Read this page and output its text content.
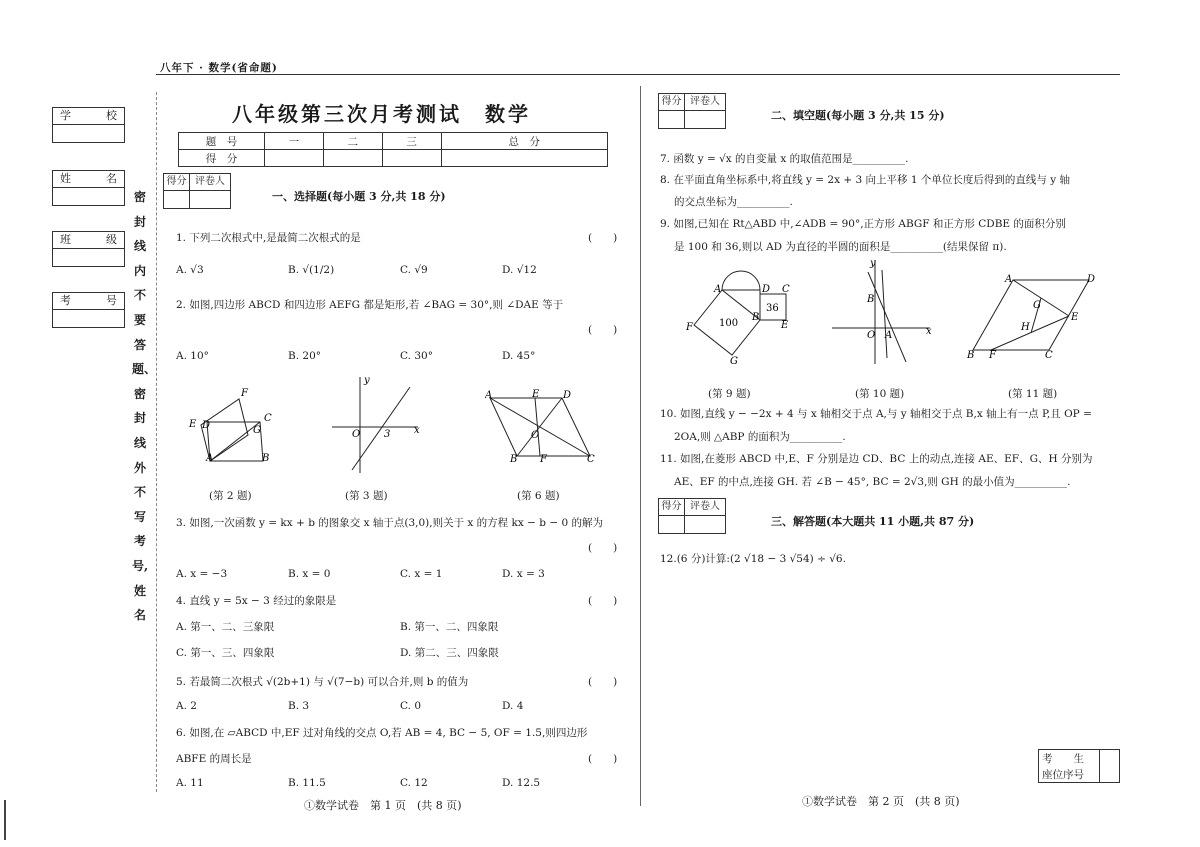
八年下 · 数学(省命题)
学	校
姓	名
班	级
考	号
密封线内不要答题、密封线外不写考号,姓名
八年级第三次月考测试　数学
题　号	一	二	三	总　分
得　分				
得分 评卷人
一、选择题(每小题 3 分,共 18 分)
1. 下列二次根式中,是最简二次根式的是	(　　)
A. √3	B. √(1/2)	C. √9	D. √12
2. 如图,四边形 ABCD 和四边形 AEFG 都是矩形,若 ∠BAG = 30°,则 ∠DAE 等于
(　　)
A. 10°	B. 20°	C. 30°	D. 45°
E D
F
C
G
A	B
y
x
O 3
A	E D
O
B F	C
(第 2 题)	(第 3 题)	(第 6 题)
3. 如图,一次函数 y = kx + b 的图象交 x 轴于点(3,0),则关于 x 的方程 kx − b − 0 的解为
(　　)
A. x = −3	B. x = 0	C. x = 1	D. x = 3
4. 直线 y = 5x − 3 经过的象限是	(　　)
A. 第一、二、三象限	B. 第一、二、四象限
C. 第一、三、四象限	D. 第二、三、四象限
5. 若最简二次根式 √(2b+1) 与 √(7−b) 可以合并,则 b 的值为	(　　)
A. 2	B. 3	C. 0	D. 4
6. 如图,在 ▱ABCD 中,EF 过对角线的交点 O,若 AB = 4, BC − 5, OF = 1.5,则四边形
ABFE 的周长是	(　　)
A. 11	B. 11.5	C. 12	D. 12.5
①数学试卷　第 1 页　(共 8 页)
得分 评卷人
二、填空题(每小题 3 分,共 15 分)
7. 函数 y = √x 的自变量 x 的取值范围是__________.
8. 在平面直角坐标系中,将直线 y = 2x + 3 向上平移 1 个单位长度后得到的直线与 y 轴
的交点坐标为__________.
9. 如图,已知在 Rt△ABD 中,∠ADB = 90°,正方形 ABGF 和正方形 CDBE 的面积分别
是 100 和 36,则以 AD 为直径的半圆的面积是__________(结果保留 π).
A
F
G
B
D C
E
100
36
y
x
B
O A
A	D
G
H
E
B F	C
(第 9 题)	(第 10 题)	(第 11 题)
10. 如图,直线 y − −2x + 4 与 x 轴相交于点 A,与 y 轴相交于点 B,x 轴上有一点 P,且 OP =
2OA,则 △ABP 的面积为__________.
11. 如图,在菱形 ABCD 中,E、F 分别是边 CD、BC 上的动点,连接 AE、EF、G、H 分别为
AE、EF 的中点,连接 GH. 若 ∠B − 45°, BC = 2√3,则 GH 的最小值为__________.
得分 评卷人
三、解答题(本大题共 11 小题,共 87 分)
12.(6 分)计算:(2 √18 − 3 √54) ÷ √6.
考　　生
座位序号
①数学试卷　第 2 页　(共 8 页)
